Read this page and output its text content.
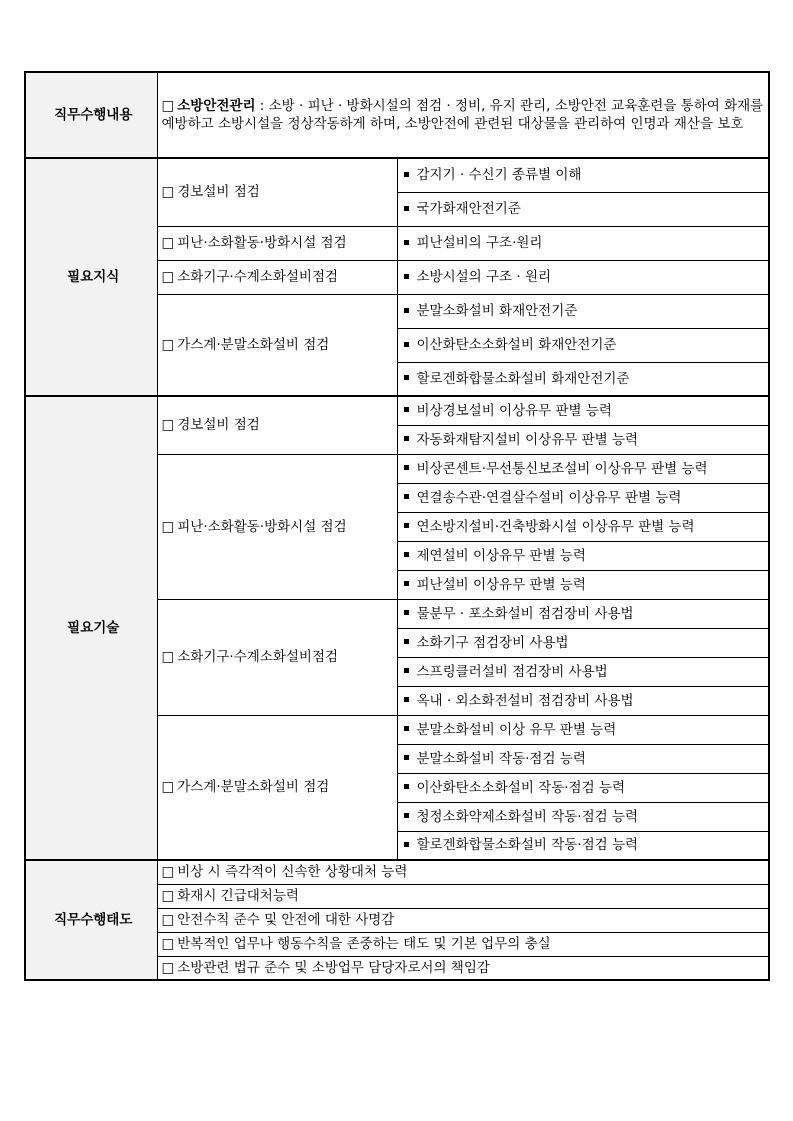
직무수행내용	□ 소방안전관리 : 소방 · 피난 · 방화시설의 점검 · 정비, 유지 관리, 소방안전 교육훈련을 통하여 화재를 예방하고 소방시설을 정상작동하게 하며, 소방안전에 관련된 대상물을 관리하여 인명과 재산을 보호	
필요지식	□ 경보설비 점검	감지기 · 수신기 종류별 이해
		국가화재안전기준
	□ 피난·소화활동·방화시설 점검	피난설비의 구조·원리
	□ 소화기구·수계소화설비점검	소방시설의 구조 · 원리
	□ 가스계·분말소화설비 점검	분말소화설비 화재안전기준
		이산화탄소소화설비 화재안전기준
		할로겐화합물소화설비 화재안전기준
필요기술	□ 경보설비 점검	비상경보설비 이상유무 판별 능력
		자동화재탐지설비 이상유무 판별 능력
	□ 피난·소화활동·방화시설 점검	비상콘센트·무선통신보조설비 이상유무 판별 능력
		연결송수관·연결살수설비 이상유무 판별 능력
		연소방지설비·건축방화시설 이상유무 판별 능력
		제연설비 이상유무 판별 능력
		피난설비 이상유무 판별 능력
	□ 소화기구·수계소화설비점검	물분무 · 포소화설비 점검장비 사용법
		소화기구 점검장비 사용법
		스프링클러설비 점검장비 사용법
		옥내 · 외소화전설비 점검장비 사용법
	□ 가스계·분말소화설비 점검	분말소화설비 이상 유무 판별 능력
		분말소화설비 작동·점검 능력
		이산화탄소소화설비 작동·점검 능력
		청정소화약제소화설비 작동·점검 능력
		할로겐화합물소화설비 작동·점검 능력
직무수행태도	□ 비상 시 즉각적이 신속한 상황대처 능력	
	□ 화재시 긴급대처능력	
	□ 안전수칙 준수 및 안전에 대한 사명감	
	□ 반복적인 업무나 행동수칙을 존중하는 태도 및 기본 업무의 충실	
	□ 소방관련 법규 준수 및 소방업무 담당자로서의 책임감	
